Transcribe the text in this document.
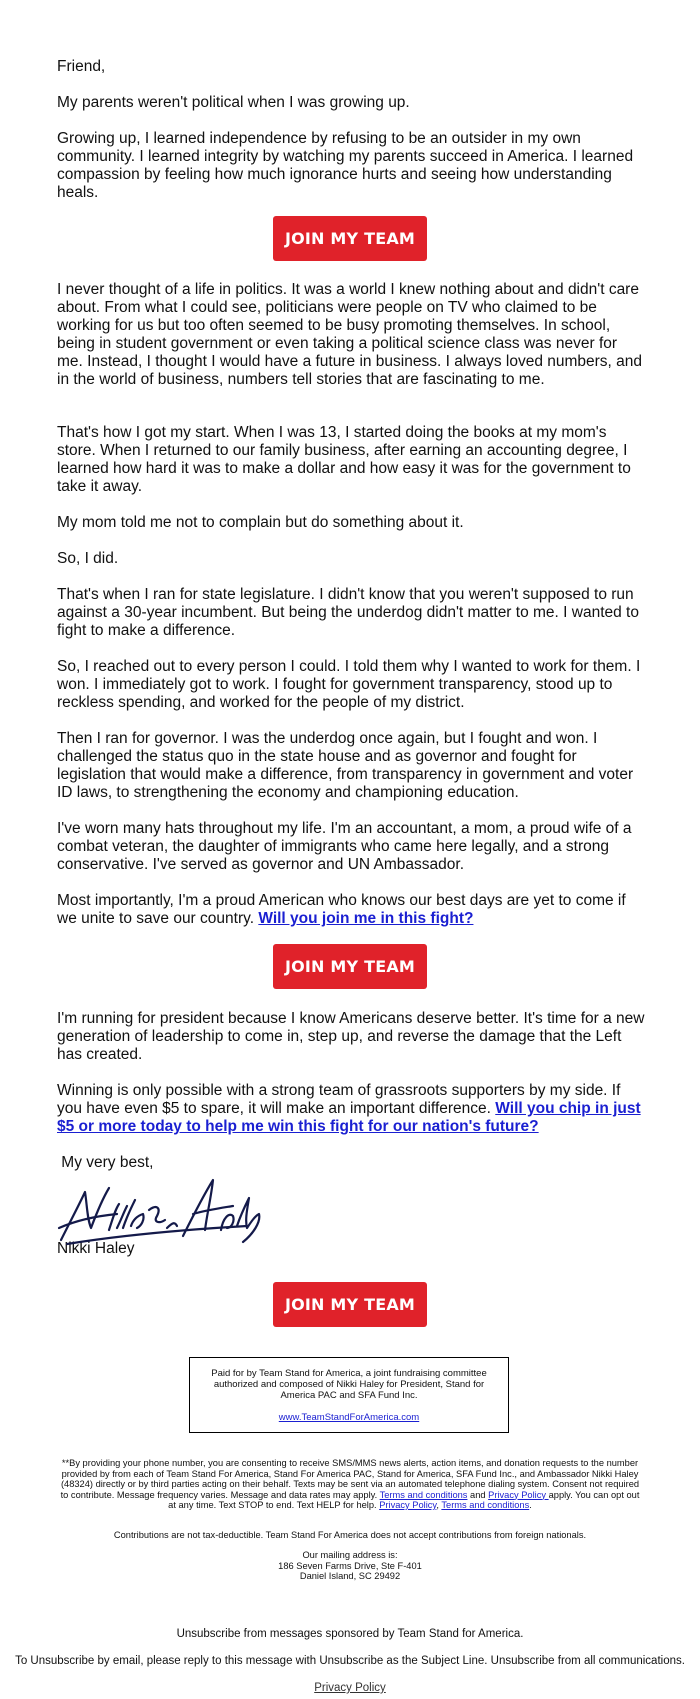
Friend,

My parents weren't political when I was growing up.

Growing up, I learned independence by refusing to be an outsider in my own community. I learned integrity by watching my parents succeed in America. I learned compassion by feeling how much ignorance hurts and seeing how understanding heals.

I never thought of a life in politics. It was a world I knew nothing about and didn't care about. From what I could see, politicians were people on TV who claimed to be working for us but too often seemed to be busy promoting themselves. In school, being in student government or even taking a political science class was never for me. Instead, I thought I would have a future in business. I always loved numbers, and in the world of business, numbers tell stories that are fascinating to me.

That's how I got my start. When I was 13, I started doing the books at my mom's store. When I returned to our family business, after earning an accounting degree, I learned how hard it was to make a dollar and how easy it was for the government to take it away.

My mom told me not to complain but do something about it.

So, I did.

That's when I ran for state legislature. I didn't know that you weren't supposed to run against a 30-year incumbent. But being the underdog didn't matter to me. I wanted to fight to make a difference.

So, I reached out to every person I could. I told them why I wanted to work for them. I won. I immediately got to work. I fought for government transparency, stood up to reckless spending, and worked for the people of my district.

Then I ran for governor. I was the underdog once again, but I fought and won. I challenged the status quo in the state house and as governor and fought for legislation that would make a difference, from transparency in government and voter ID laws, to strengthening the economy and championing education.

I've worn many hats throughout my life. I'm an accountant, a mom, a proud wife of a combat veteran, the daughter of immigrants who came here legally, and a strong conservative. I've served as governor and UN Ambassador.

Most importantly, I'm a proud American who knows our best days are yet to come if we unite to save our country. Will you join me in this fight?

I'm running for president because I know Americans deserve better. It's time for a new generation of leadership to come in, step up, and reverse the damage that the Left has created.

Winning is only possible with a strong team of grassroots supporters by my side. If you have even $5 to spare, it will make an important difference. Will you chip in just $5 or more today to help me win this fight for our nation's future?

My very best,

Nikki Haley

JOIN MY TEAM
JOIN MY TEAM
JOIN MY TEAM
Paid for by Team Stand for America, a joint fundraising committee authorized and composed of Nikki Haley for President, Stand for America PAC and SFA Fund Inc.
www.TeamStandForAmerica.com
**By providing your phone number, you are consenting to receive SMS/MMS news alerts, action items, and donation requests to the number provided by from each of Team Stand For America, Stand For America PAC, Stand for America, SFA Fund Inc., and Ambassador Nikki Haley (48324) directly or by third parties acting on their behalf. Texts may be sent via an automated telephone dialing system. Consent not required to contribute. Message frequency varies. Message and data rates may apply. Terms and conditions and Privacy Policy apply. You can opt out at any time. Text STOP to end. Text HELP for help. Privacy Policy, Terms and conditions.
Contributions are not tax-deductible. Team Stand For America does not accept contributions from foreign nationals.
Our mailing address is:
186 Seven Farms Drive, Ste F-401
Daniel Island, SC 29492
Unsubscribe from messages sponsored by Team Stand for America.
To Unsubscribe by email, please reply to this message with Unsubscribe as the Subject Line. Unsubscribe from all communications.
Privacy Policy
